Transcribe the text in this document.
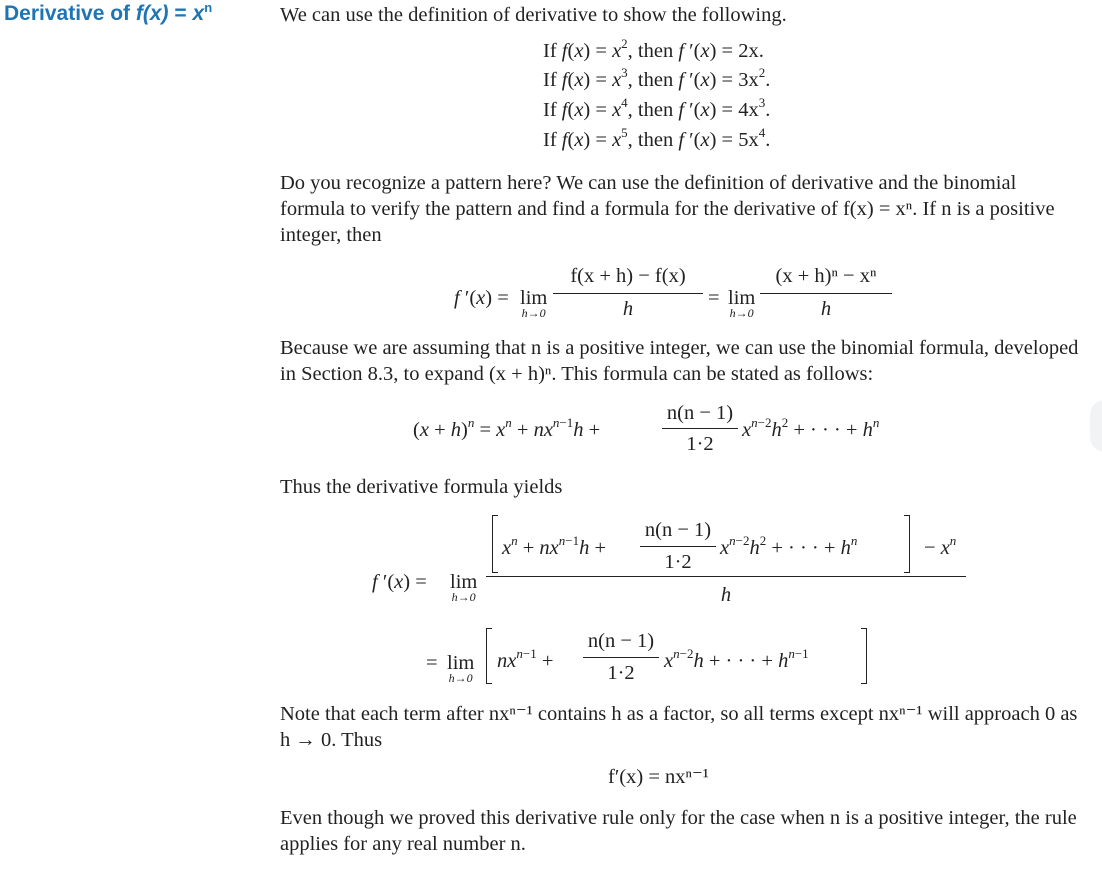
Derivative of $f(x) = x^n$	We can use the definition of derivative to show the following.
If $f(x) = x^2$, then f ′(x) = 2x.
If $f(x) = x^3$, then f $'(x) = 3x^2$.
If $f(x) = x^4$, then f $'(x) = 4x^3$.
If $f(x) = x^5$, then f $'(x) = 5x^4$.
Do you recognize a pattern here? We can use the definition of derivative and the binomial formula to verify the pattern and find a formula for the derivative of f(x) = xⁿ. If n is a positive integer, then
f ′(x) = lim
h→0
f(x + h) − f(x)
h	= lim
h→0
(x + h)ⁿ − xⁿ
h
Because we are assuming that n is a positive integer, we can use the binomial formula, developed in Section 8.3, to expand (x + h)ⁿ. This formula can be stated as follows:
$(x + h)^n = x^n + nx^{n-1}h$ +
n(n − 1)
1·2
$x^{n-2}h^2$ + · · · + $h^n$
Thus the derivative formula yields
$x^n + nx^{n-1}h$ +
n(n − 1)
1·2
$x^{n-2}h^2$ + · · · + $h^n$	− $x^n$
h
f ′(x) = lim
h→0
= lim
h→0
$nx^{n-1}$ +
n(n − 1)
1·2
$x^{n-2}h$ + · · · + $h^{n-1}$
Note that each term after nxⁿ⁻¹ contains h as a factor, so all terms except nxⁿ⁻¹ will approach 0 as h → 0. Thus
f′(x) = nxⁿ⁻¹
Even though we proved this derivative rule only for the case when n is a positive integer, the rule applies for any real number n.
